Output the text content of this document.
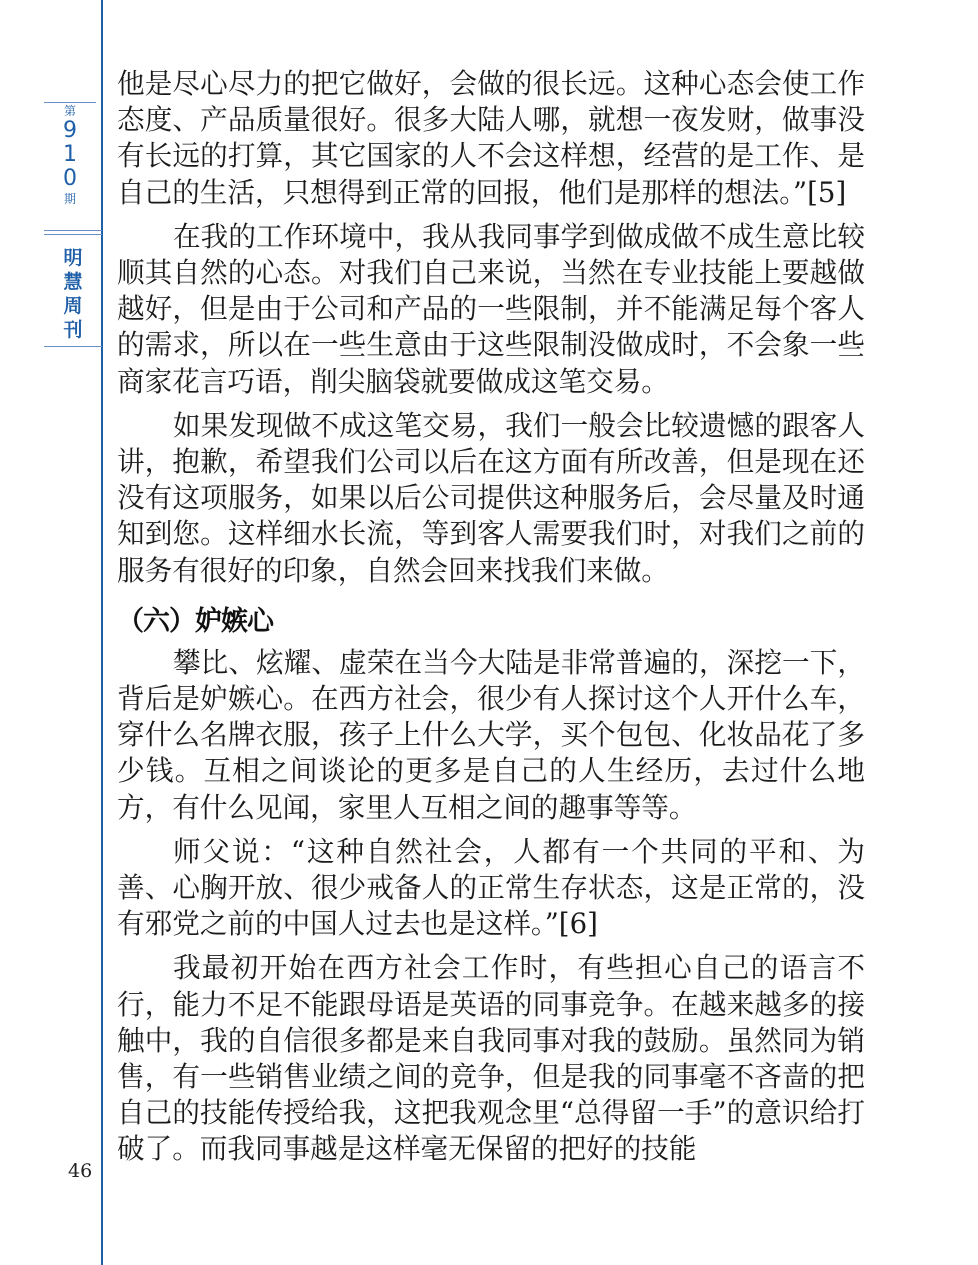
第
9
1
0
期
明
慧
周
刊
46

他是尽心尽力的把它做好，会做的很长远。这种心态会使工作态度、产品质量很好。很多大陆人哪，就想一夜发财，做事没有长远的打算，其它国家的人不会这样想，经营的是工作、是自己的生活，只想得到正常的回报，他们是那样的想法。”[5]

在我的工作环境中，我从我同事学到做成做不成生意比较顺其自然的心态。对我们自己来说，当然在专业技能上要越做越好，但是由于公司和产品的一些限制，并不能满足每个客人的需求，所以在一些生意由于这些限制没做成时，不会象一些商家花言巧语，削尖脑袋就要做成这笔交易。

如果发现做不成这笔交易，我们一般会比较遗憾的跟客人讲，抱歉，希望我们公司以后在这方面有所改善，但是现在还没有这项服务，如果以后公司提供这种服务后，会尽量及时通知到您。这样细水长流，等到客人需要我们时，对我们之前的服务有很好的印象，自然会回来找我们来做。

（六）妒嫉心

攀比、炫耀、虚荣在当今大陆是非常普遍的，深挖一下，背后是妒嫉心。在西方社会，很少有人探讨这个人开什么车，穿什么名牌衣服，孩子上什么大学，买个包包、化妆品花了多少钱。互相之间谈论的更多是自己的人生经历，去过什么地方，有什么见闻，家里人互相之间的趣事等等。

师父说：“这种自然社会，人都有一个共同的平和、为善、心胸开放、很少戒备人的正常生存状态，这是正常的，没有邪党之前的中国人过去也是这样。”[6]

我最初开始在西方社会工作时，有些担心自己的语言不行，能力不足不能跟母语是英语的同事竞争。在越来越多的接触中，我的自信很多都是来自我同事对我的鼓励。虽然同为销售，有一些销售业绩之间的竞争，但是我的同事毫不吝啬的把自己的技能传授给我，这把我观念里“总得留一手”的意识给打破了。而我同事越是这样毫无保留的把好的技能
